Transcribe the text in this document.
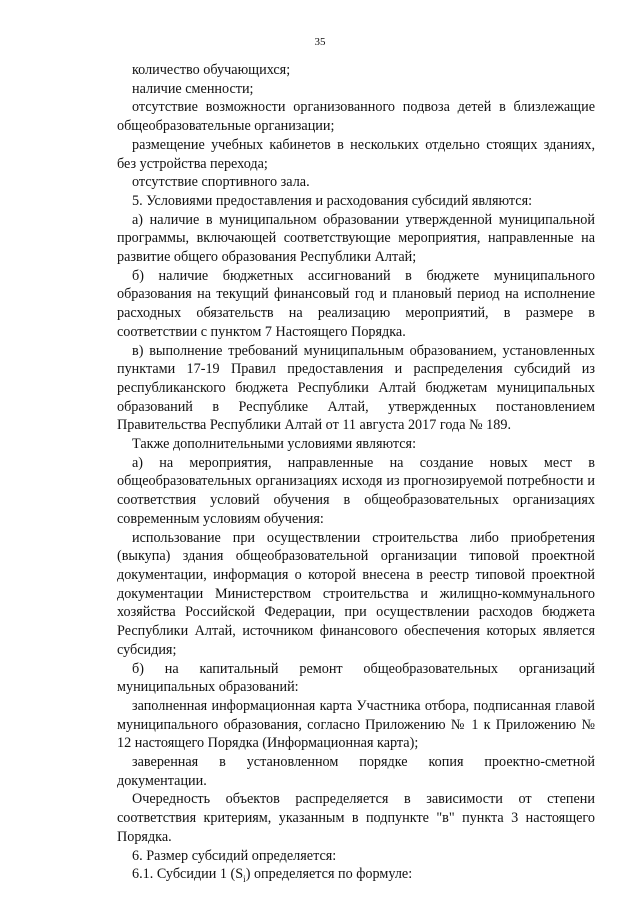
35

количество обучающихся;

наличие сменности;

отсутствие возможности организованного подвоза детей в близлежащие общеобразовательные организации;

размещение учебных кабинетов в нескольких отдельно стоящих зданиях, без устройства перехода;

отсутствие спортивного зала.

5. Условиями предоставления и расходования субсидий являются:

а) наличие в муниципальном образовании утвержденной муниципальной программы, включающей соответствующие мероприятия, направленные на развитие общего образования Республики Алтай;

б) наличие бюджетных ассигнований в бюджете муниципального образования на текущий финансовый год и плановый период на исполнение расходных обязательств на реализацию мероприятий, в размере в соответствии с пунктом 7 Настоящего Порядка.

в) выполнение требований муниципальным образованием, установленных пунктами 17-19 Правил предоставления и распределения субсидий из республиканского бюджета Республики Алтай бюджетам муниципальных образований в Республике Алтай, утвержденных постановлением Правительства Республики Алтай от 11 августа 2017 года № 189.

Также дополнительными условиями являются:

а) на мероприятия, направленные на создание новых мест в общеобразовательных организациях исходя из прогнозируемой потребности и соответствия условий обучения в общеобразовательных организациях современным условиям обучения:

использование при осуществлении строительства либо приобретения (выкупа) здания общеобразовательной организации типовой проектной документации, информация о которой внесена в реестр типовой проектной документации Министерством строительства и жилищно-коммунального хозяйства Российской Федерации, при осуществлении расходов бюджета Республики Алтай, источником финансового обеспечения которых является субсидия;

б) на капитальный ремонт общеобразовательных организаций муниципальных образований:

заполненная информационная карта Участника отбора, подписанная главой муниципального образования, согласно Приложению № 1 к Приложению № 12 настоящего Порядка (Информационная карта);

заверенная в установленном порядке копия проектно-сметной документации.

Очередность объектов распределяется в зависимости от степени соответствия критериям, указанным в подпункте "в" пункта 3 настоящего Порядка.

6. Размер субсидий определяется:

6.1. Субсидии 1 $(S_i)$ определяется по формуле:
